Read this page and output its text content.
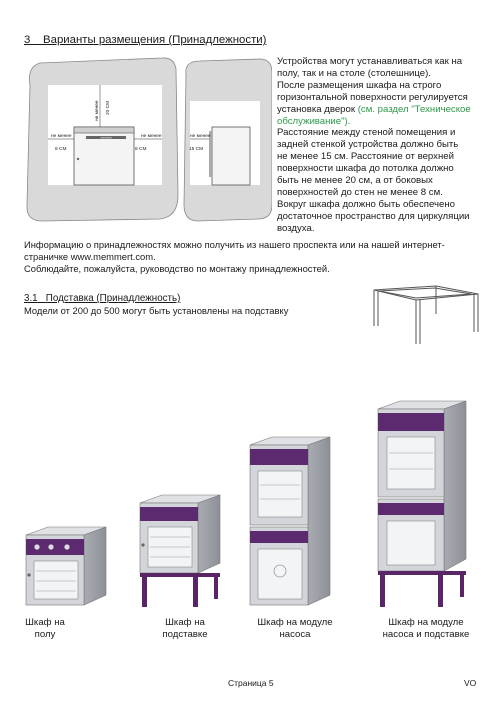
3 Варианты размещения (Принадлежности)
memmert
не менее 20 CM
не менее
8 CM
не менее
8 CM
не менее
15 CM
Устройства могут устанавливаться как на
полу, так и на столе (столешнице).
После размещения шкафа на строго
горизонтальной поверхности регулируется
установка дверок (см. раздел "Техническое
обслуживание").
Расстояние между стеной помещения и
задней стенкой устройства должно быть
не менее 15 см. Расстояние от верхней
поверхности шкафа до потолка должно
быть не менее 20 см, а от боковых
поверхностей до стен не менее 8 см.
Вокруг шкафа должно быть обеспечено
достаточное пространство для циркуляции
воздуха.
Информацию о принадлежностях можно получить из нашего проспекта или на нашей интернет-
страничке www.memmert.com.
Соблюдайте, пожалуйста, руководство по монтажу принадлежностей.
3.1 Подставка (Принадлежность)
Модели от 200 до 500 могут быть установлены на подставку
Шкаф на
полу
Шкаф на
подставке
Шкаф на модуле
насоса
Шкаф на модуле
насоса и подставке
Страница 5	VO
